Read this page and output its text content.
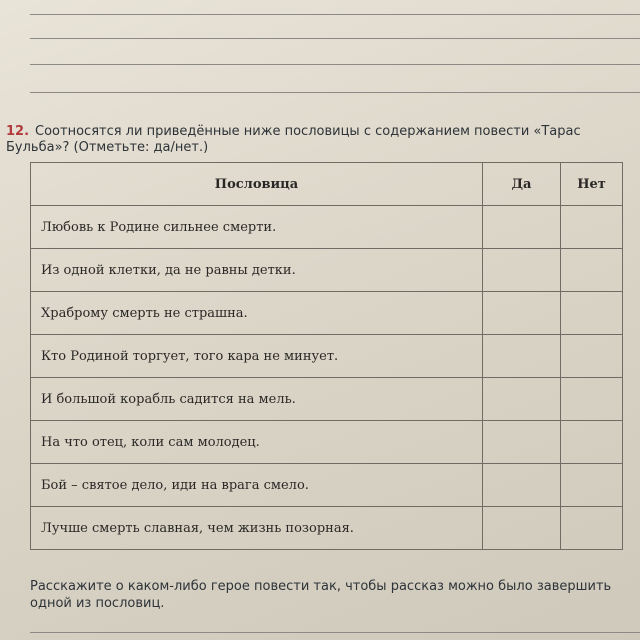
12. Соотносятся ли приведённые ниже пословицы с содержанием повести «Тарас Бульба»? (Отметьте: да/нет.)
Пословица	Да	Нет
Любовь к Родине сильнее смерти.		
Из одной клетки, да не равны детки.		
Храброму смерть не страшна.		
Кто Родиной торгует, того кара не минует.		
И большой корабль садится на мель.		
На что отец, коли сам молодец.		
Бой – святое дело, иди на врага смело.		
Лучше смерть славная, чем жизнь позорная.		
Расскажите о каком-либо герое повести так, чтобы рассказ можно было завершить одной из пословиц.
